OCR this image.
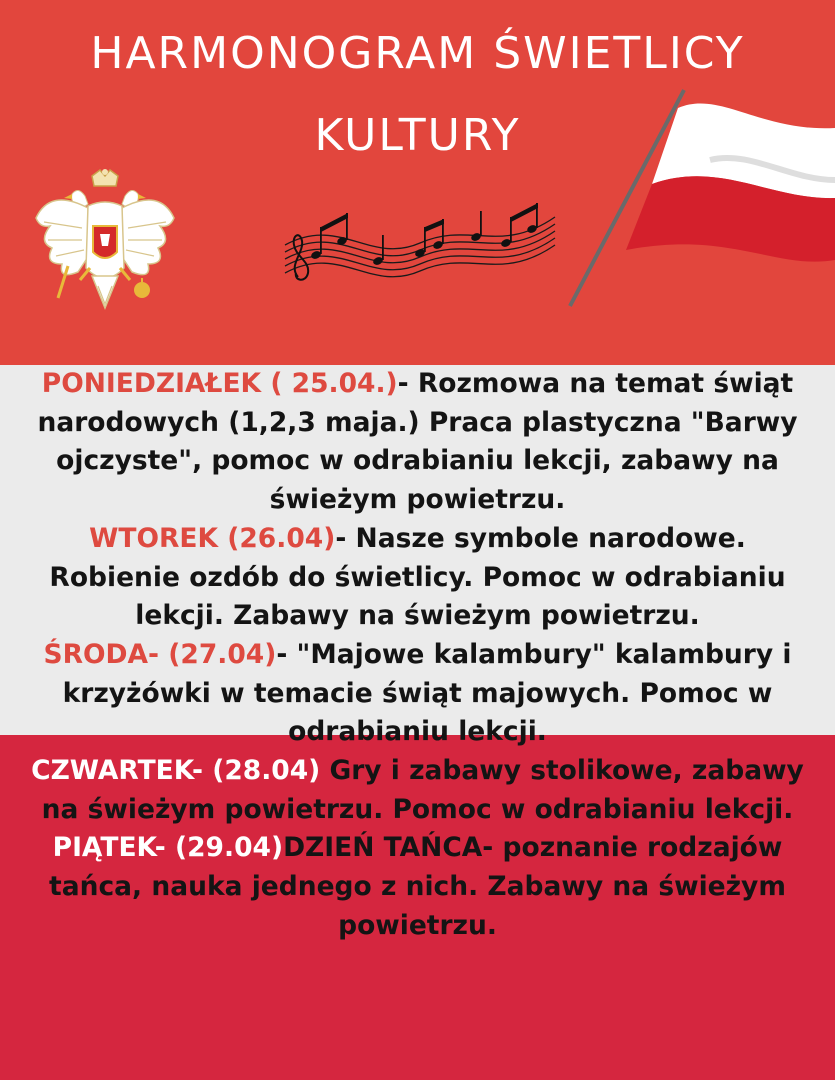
HARMONOGRAM ŚWIETLICY
KULTURY

PONIEDZIAŁEK ( 25.04.)- Rozmowa na temat świąt

narodowych (1,2,3 maja.) Praca plastyczna "Barwy

ojczyste", pomoc w odrabianiu lekcji, zabawy na

świeżym powietrzu.

WTOREK (26.04)- Nasze symbole narodowe.

Robienie ozdób do świetlicy. Pomoc w odrabianiu

lekcji. Zabawy na świeżym powietrzu.

ŚRODA- (27.04)- "Majowe kalambury" kalambury i

krzyżówki w temacie świąt majowych. Pomoc w

odrabianiu lekcji.

CZWARTEK- (28.04) Gry i zabawy stolikowe, zabawy

na świeżym powietrzu. Pomoc w odrabianiu lekcji.

PIĄTEK- (29.04)DZIEŃ TAŃCA- poznanie rodzajów

tańca, nauka jednego z nich. Zabawy na świeżym

powietrzu.
